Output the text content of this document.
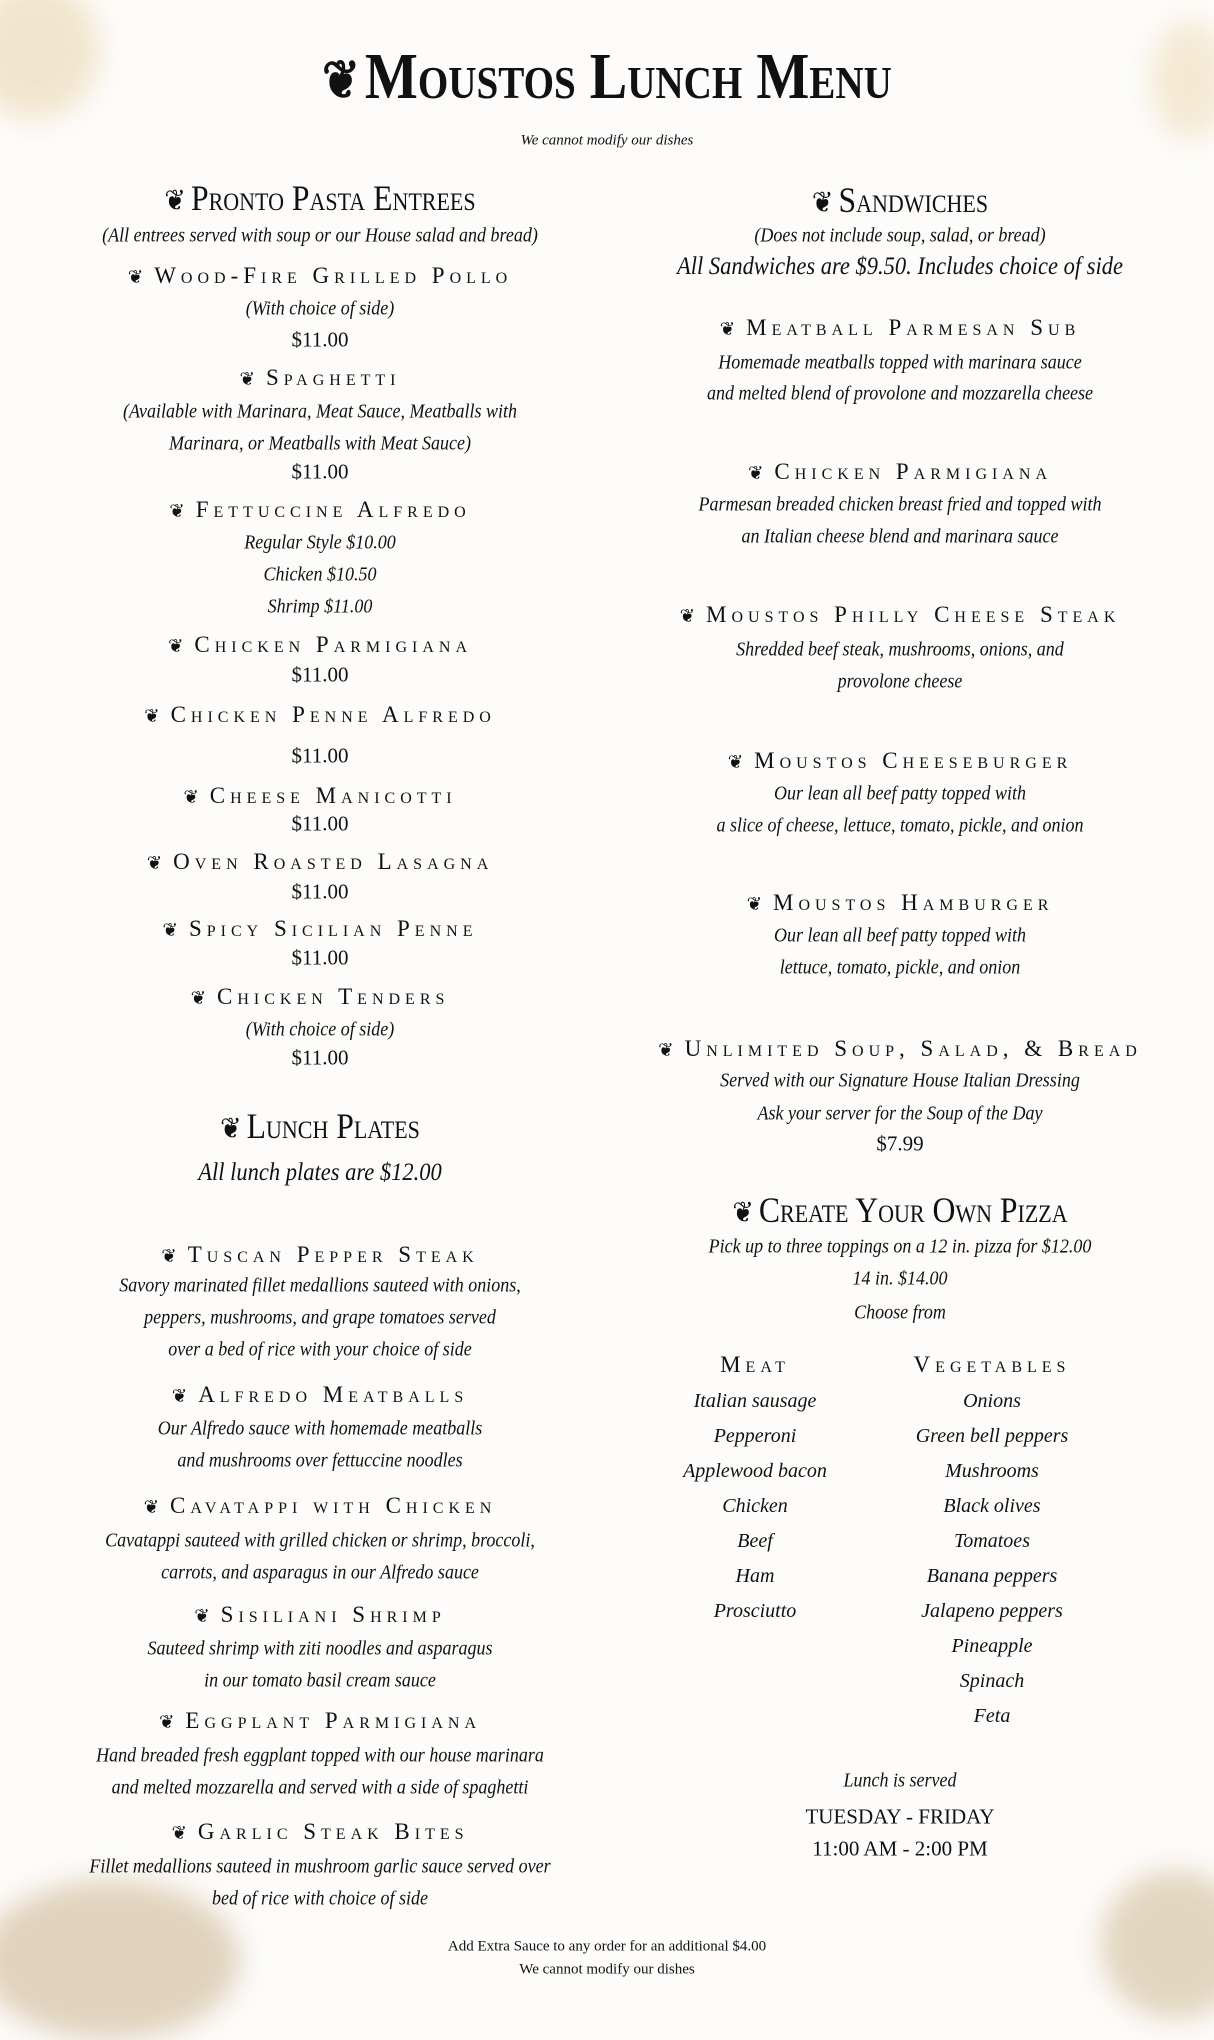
❦Moustos Lunch Menu
We cannot modify our dishes
❦ Pronto Pasta Entrees
(All entrees served with soup or our House salad and bread)
❦ Wood-Fire Grilled Pollo
(With choice of side)
$11.00
❦ Spaghetti
(Available with Marinara, Meat Sauce, Meatballs with
Marinara, or Meatballs with Meat Sauce)
$11.00
❦ Fettuccine Alfredo
Regular Style $10.00
Chicken $10.50
Shrimp $11.00
❦ Chicken Parmigiana
$11.00
❦ Chicken Penne Alfredo
$11.00
❦ Cheese Manicotti
$11.00
❦ Oven Roasted Lasagna
$11.00
❦ Spicy Sicilian Penne
$11.00
❦ Chicken Tenders
(With choice of side)
$11.00
❦ Lunch Plates
All lunch plates are $12.00
❦ Tuscan Pepper Steak
Savory marinated fillet medallions sauteed with onions,
peppers, mushrooms, and grape tomatoes served
over a bed of rice with your choice of side
❦ Alfredo Meatballs
Our Alfredo sauce with homemade meatballs
and mushrooms over fettuccine noodles
❦ Cavatappi with Chicken
Cavatappi sauteed with grilled chicken or shrimp, broccoli,
carrots, and asparagus in our Alfredo sauce
❦ Sisiliani Shrimp
Sauteed shrimp with ziti noodles and asparagus
in our tomato basil cream sauce
❦ Eggplant Parmigiana
Hand breaded fresh eggplant topped with our house marinara
and melted mozzarella and served with a side of spaghetti
❦ Garlic Steak Bites
Fillet medallions sauteed in mushroom garlic sauce served over
bed of rice with choice of side
❦ Sandwiches
(Does not include soup, salad, or bread)
All Sandwiches are $9.50. Includes choice of side
❦ Meatball Parmesan Sub
Homemade meatballs topped with marinara sauce
and melted blend of provolone and mozzarella cheese
❦ Chicken Parmigiana
Parmesan breaded chicken breast fried and topped with
an Italian cheese blend and marinara sauce
❦ Moustos Philly Cheese Steak
Shredded beef steak, mushrooms, onions, and
provolone cheese
❦ Moustos Cheeseburger
Our lean all beef patty topped with
a slice of cheese, lettuce, tomato, pickle, and onion
❦ Moustos Hamburger
Our lean all beef patty topped with
lettuce, tomato, pickle, and onion
❦ Unlimited Soup, Salad, & Bread
Served with our Signature House Italian Dressing
Ask your server for the Soup of the Day
$7.99
❦ Create Your Own Pizza
Pick up to three toppings on a 12 in. pizza for $12.00
14 in. $14.00
Choose from
Meat
Italian sausage
Pepperoni
Applewood bacon
Chicken
Beef
Ham
Prosciutto
Vegetables
Onions
Green bell peppers
Mushrooms
Black olives
Tomatoes
Banana peppers
Jalapeno peppers
Pineapple
Spinach
Feta
Lunch is served
TUESDAY - FRIDAY
11:00 AM - 2:00 PM
Add Extra Sauce to any order for an additional $4.00
We cannot modify our dishes
